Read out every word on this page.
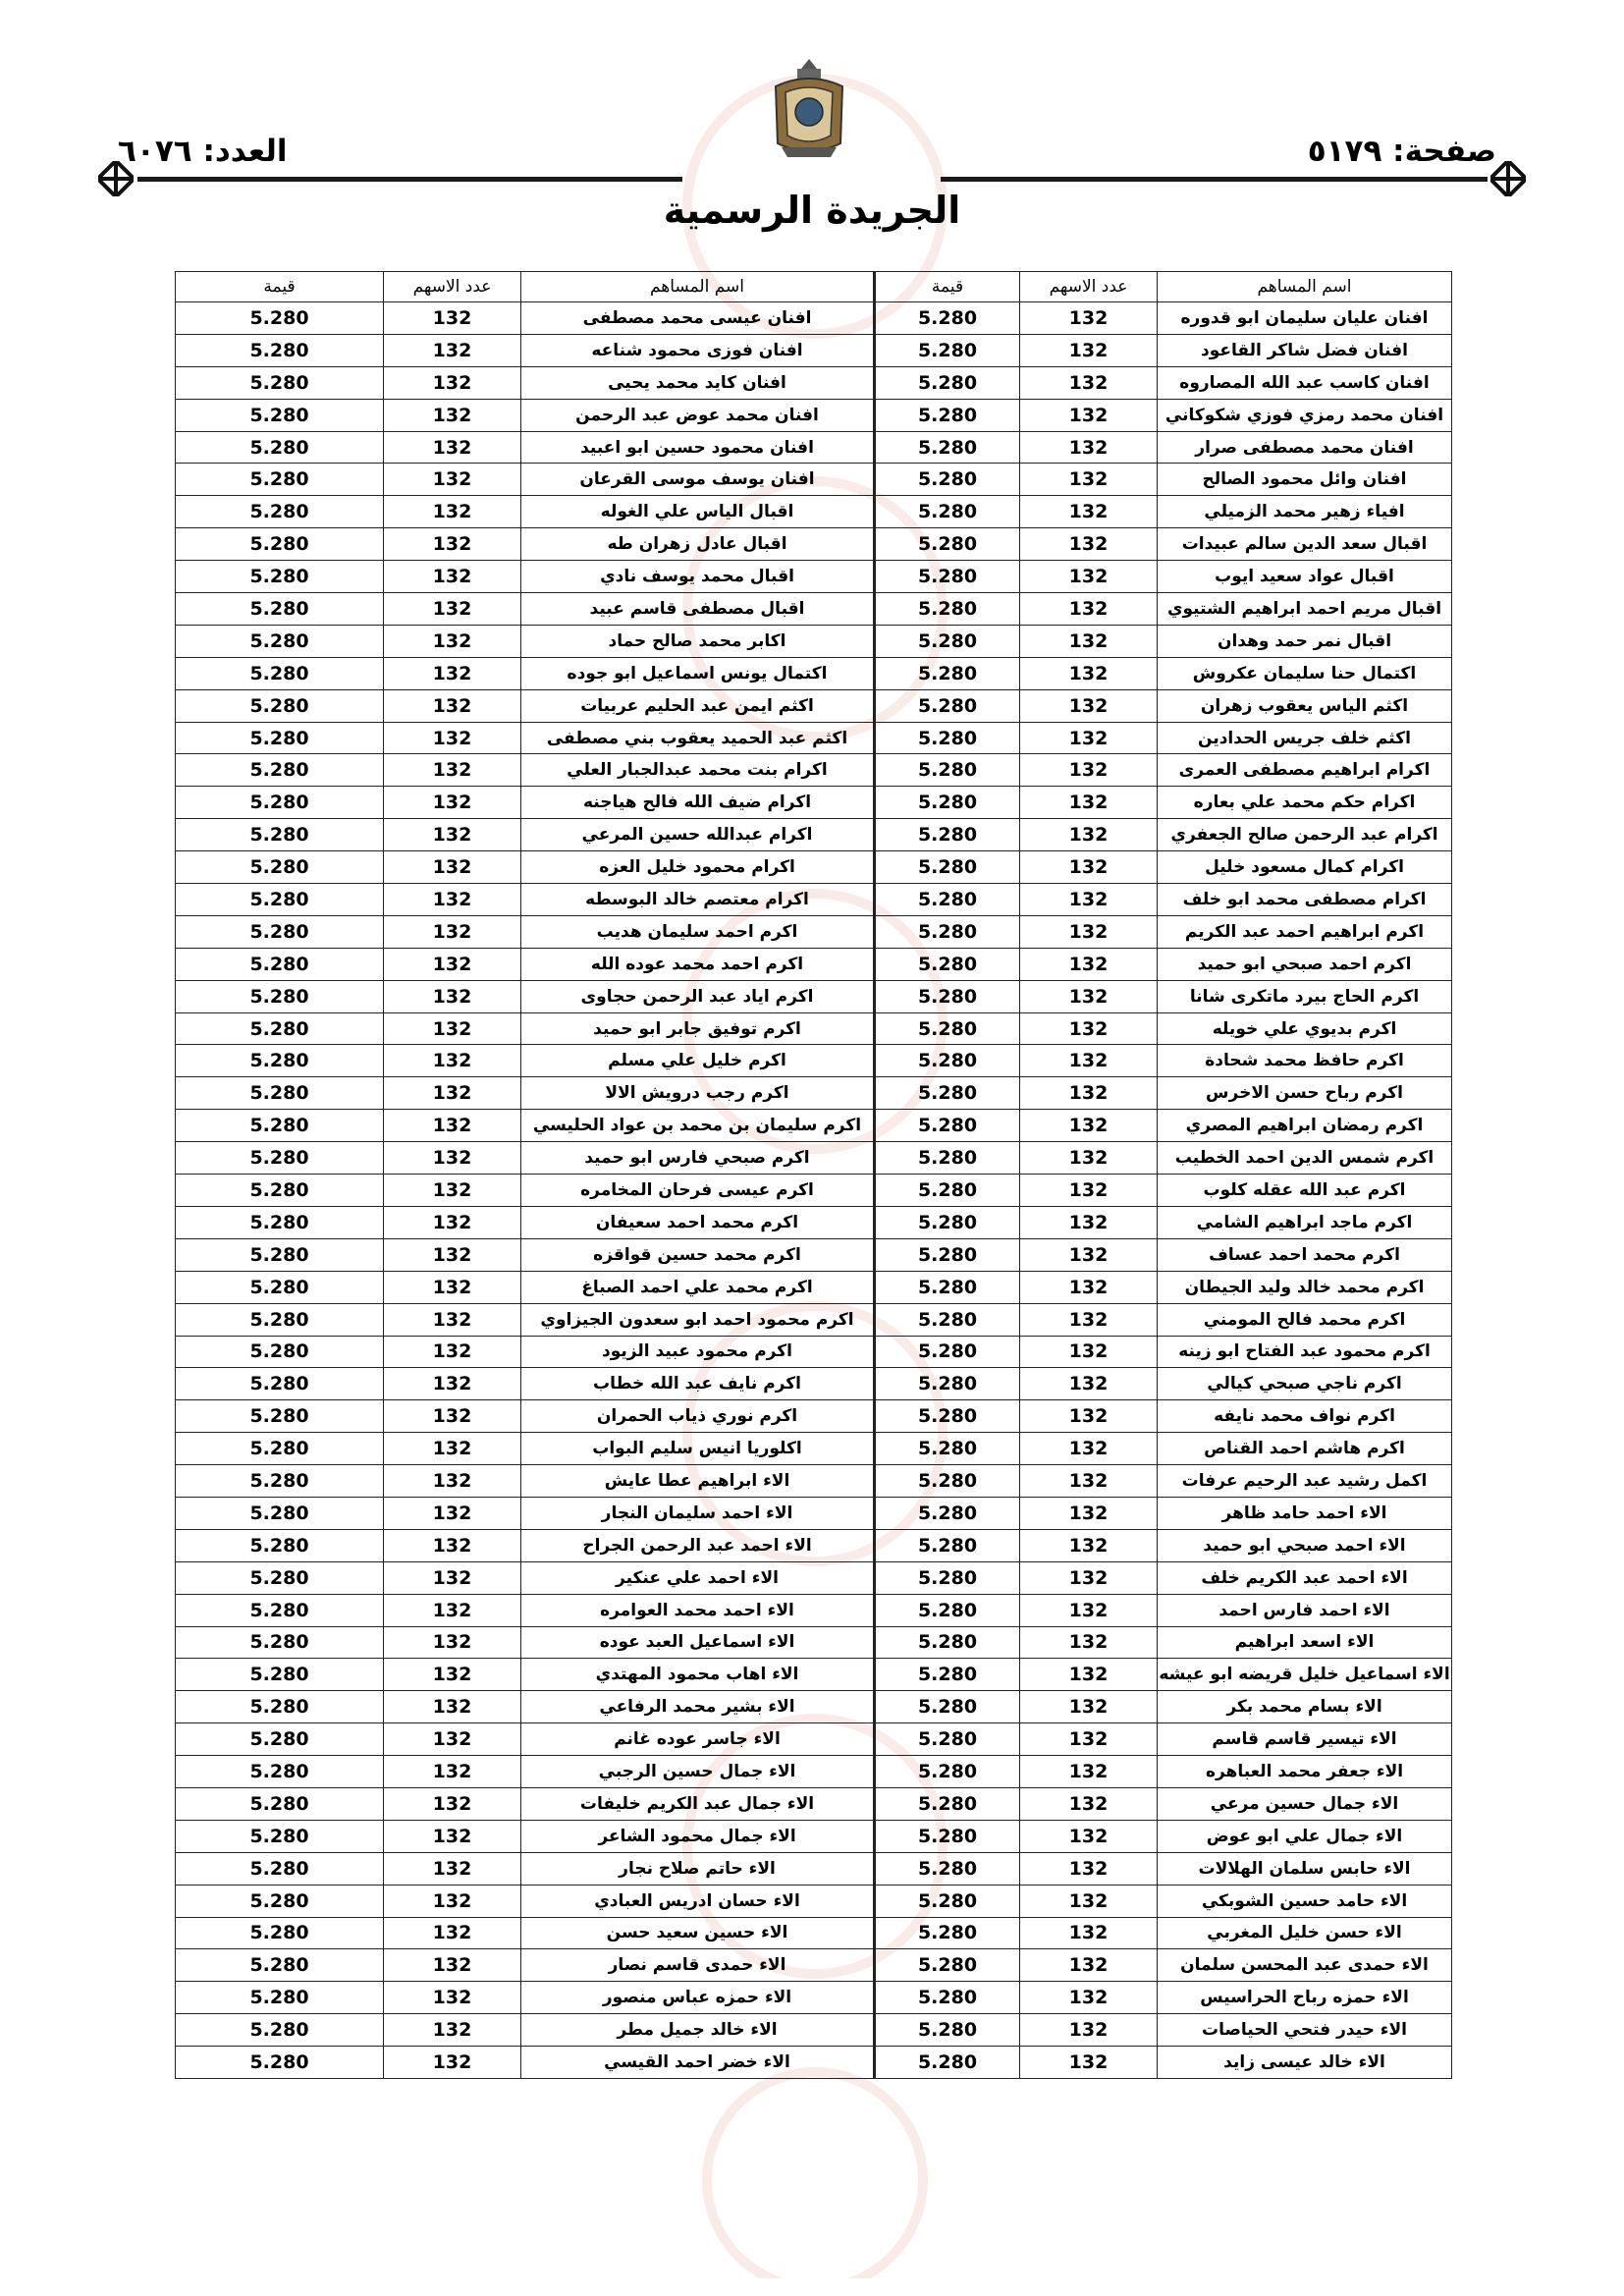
صفحة: ٥١٧٩
العدد: ٦٠٧٦
الجريدة الرسمية
اسم المساهم	عدد الاسهم	قيمة	اسم المساهم	عدد الاسهم	قيمة
افنان عليان سليمان ابو قدوره	132	5.280	افنان عيسى محمد مصطفى	132	5.280
افنان فضل شاكر القاعود	132	5.280	افنان فوزى محمود شناعه	132	5.280
افنان كاسب عبد الله المصاروه	132	5.280	افنان كايد محمد يحيى	132	5.280
افنان محمد رمزي فوزي شكوكاني	132	5.280	افنان محمد عوض عبد الرحمن	132	5.280
افنان محمد مصطفى صرار	132	5.280	افنان محمود حسين ابو اعبيد	132	5.280
افنان وائل محمود الصالح	132	5.280	افنان يوسف موسى القرعان	132	5.280
افياء زهير محمد الزميلي	132	5.280	اقبال الياس علي الغوله	132	5.280
اقبال سعد الدين سالم عبيدات	132	5.280	اقبال عادل زهران طه	132	5.280
اقبال عواد سعيد ايوب	132	5.280	اقبال محمد يوسف نادي	132	5.280
اقبال مريم احمد ابراهيم الشتيوي	132	5.280	اقبال مصطفى قاسم عبيد	132	5.280
اقبال نمر حمد وهدان	132	5.280	اكابر محمد صالح حماد	132	5.280
اكتمال حنا سليمان عكروش	132	5.280	اكتمال يونس اسماعيل ابو جوده	132	5.280
اكثم الياس يعقوب زهران	132	5.280	اكثم ايمن عبد الحليم عربيات	132	5.280
اكثم خلف جريس الحدادين	132	5.280	اكثم عبد الحميد يعقوب بني مصطفى	132	5.280
اكرام ابراهيم مصطفى العمرى	132	5.280	اكرام بنت محمد عبدالجبار العلي	132	5.280
اكرام حكم محمد علي بعاره	132	5.280	اكرام ضيف الله فالح هياجنه	132	5.280
اكرام عبد الرحمن صالح الجعفري	132	5.280	اكرام عبدالله حسين المرعي	132	5.280
اكرام كمال مسعود خليل	132	5.280	اكرام محمود خليل العزه	132	5.280
اكرام مصطفى محمد ابو خلف	132	5.280	اكرام معتصم خالد البوسطه	132	5.280
اكرم ابراهيم احمد عبد الكريم	132	5.280	اكرم احمد سليمان هديب	132	5.280
اكرم احمد صبحي ابو حميد	132	5.280	اكرم احمد محمد عوده الله	132	5.280
اكرم الحاج بيرد ماتكرى شانا	132	5.280	اكرم اياد عبد الرحمن حجاوى	132	5.280
اكرم بديوي علي خويله	132	5.280	اكرم توفيق جابر ابو حميد	132	5.280
اكرم حافظ محمد شحادة	132	5.280	اكرم خليل علي مسلم	132	5.280
اكرم رباح حسن الاخرس	132	5.280	اكرم رجب درويش الالا	132	5.280
اكرم رمضان ابراهيم المصري	132	5.280	اكرم سليمان بن محمد بن عواد الحليسي	132	5.280
اكرم شمس الدين احمد الخطيب	132	5.280	اكرم صبحي فارس ابو حميد	132	5.280
اكرم عبد الله عقله كلوب	132	5.280	اكرم عيسى فرحان المخامره	132	5.280
اكرم ماجد ابراهيم الشامي	132	5.280	اكرم محمد احمد سعيفان	132	5.280
اكرم محمد احمد عساف	132	5.280	اكرم محمد حسين قواقزه	132	5.280
اكرم محمد خالد وليد الجيطان	132	5.280	اكرم محمد علي احمد الصباغ	132	5.280
اكرم محمد فالح المومني	132	5.280	اكرم محمود احمد ابو سعدون الجيزاوي	132	5.280
اكرم محمود عبد الفتاح ابو زينه	132	5.280	اكرم محمود عبيد الزيود	132	5.280
اكرم ناجي صبحي كيالي	132	5.280	اكرم نايف عبد الله خطاب	132	5.280
اكرم نواف محمد نايفه	132	5.280	اكرم نوري ذياب الحمران	132	5.280
اكرم هاشم احمد القناص	132	5.280	اكلوريا انيس سليم البواب	132	5.280
اكمل رشيد عبد الرحيم عرفات	132	5.280	الاء ابراهيم عطا عايش	132	5.280
الاء احمد حامد ظاهر	132	5.280	الاء احمد سليمان النجار	132	5.280
الاء احمد صبحي ابو حميد	132	5.280	الاء احمد عبد الرحمن الجراح	132	5.280
الاء احمد عبد الكريم خلف	132	5.280	الاء احمد علي عنكير	132	5.280
الاء احمد فارس احمد	132	5.280	الاء احمد محمد العوامره	132	5.280
الاء اسعد ابراهيم	132	5.280	الاء اسماعيل العبد عوده	132	5.280
الاء اسماعيل خليل قريضه ابو عيشه	132	5.280	الاء اهاب محمود المهتدي	132	5.280
الاء بسام محمد بكر	132	5.280	الاء بشير محمد الرفاعي	132	5.280
الاء تيسير قاسم قاسم	132	5.280	الاء جاسر عوده غانم	132	5.280
الاء جعفر محمد العباهره	132	5.280	الاء جمال حسين الرجبي	132	5.280
الاء جمال حسين مرعي	132	5.280	الاء جمال عبد الكريم خليفات	132	5.280
الاء جمال علي ابو عوض	132	5.280	الاء جمال محمود الشاعر	132	5.280
الاء حابس سلمان الهلالات	132	5.280	الاء حاتم صلاح نجار	132	5.280
الاء حامد حسين الشوبكي	132	5.280	الاء حسان ادريس العبادي	132	5.280
الاء حسن خليل المغربي	132	5.280	الاء حسين سعيد حسن	132	5.280
الاء حمدى عبد المحسن سلمان	132	5.280	الاء حمدى قاسم نصار	132	5.280
الاء حمزه رباح الحراسيس	132	5.280	الاء حمزه عباس منصور	132	5.280
الاء حيدر فتحي الحياصات	132	5.280	الاء خالد جميل مطر	132	5.280
الاء خالد عيسى زايد	132	5.280	الاء خضر احمد القيسي	132	5.280
